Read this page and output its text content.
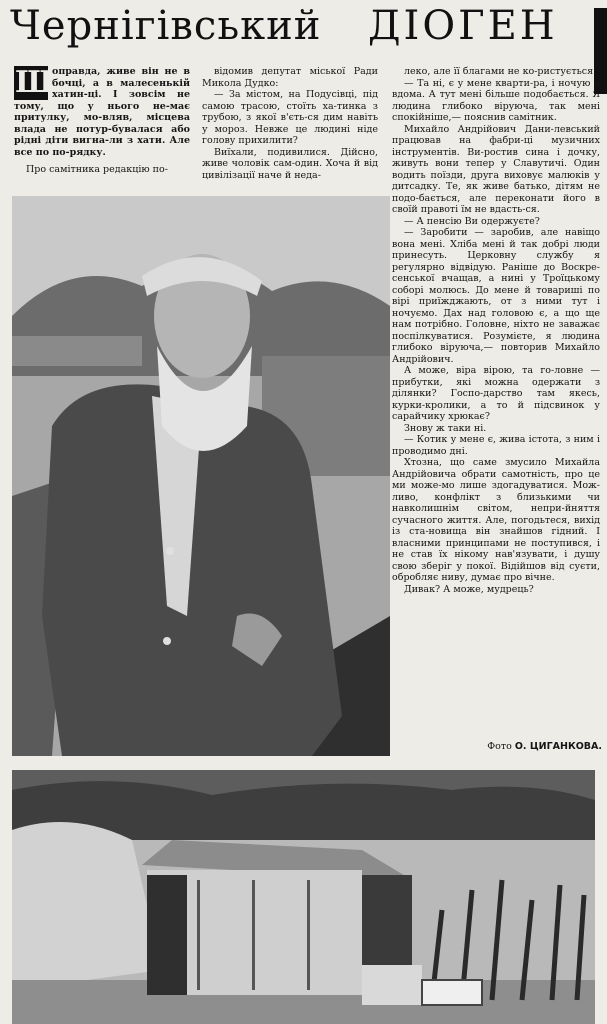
Чернігівський	ДІОГЕН
Щ

оправда, живе він не в бочці, а в малесенькій хатин-ці. І зовсім не тому, що у нього не-має притулку, мо-вляв, місцева влада не потур-бувалася або рідні діти вигна-ли з хати. Але все по по-рядку.

Про самітника редакцію по-

відомив депутат міської Ради Микола Дудко:

— За містом, на Подусівці, під самою трасою, стоїть ха-тинка з трубою, з якої в'єть-ся дим навіть у мороз. Невже це людині ніде голову прихилити?

Виїхали, подивилися. Дійсно, живе чоловік сам-один. Хоча й від цивілізації наче й неда-

леко, але її благами не ко-ристується.

— Та ні, є у мене кварти-ра, і ночую я вдома. А тут мені більше подобається. Я людина глибоко віруюча, так мені спокійніше,— пояснив самітник.

Михайло Андрійович Дани-левський працював на фабри-ці музичних інструментів. Ви-ростив сина і дочку, живуть вони тепер у Славутичі. Один водить поїзди, друга виховує малюків у дитсадку. Те, як живе батько, дітям не подо-бається, але переконати його в своїй правоті їм не вдасть-ся.

— А пенсію Ви одержуєте?

— Заробити — заробив, але навіщо вона мені. Хліба мені й так добрі люди принесуть. Церковну службу я регулярно відвідую. Раніше до Воскре-сенської вчащав, а нині у Троїцькому соборі молюсь. До мене й товариші по вірі приїжджають, от з ними тут і ночуємо. Дах над головою є, а що ще нам потрібно. Головне, ніхто не заважає поспілкуватися. Розумієте, я людина глибоко віруюча,— повторив Михайло Андрійович.

А може, віра вірою, та го-ловне — прибутки, які можна одержати з ділянки? Госпо-дарство там якесь, курки-кролики, а то й підсвинок у сарайчику хрюкає?

Знову ж таки ні.

— Котик у мене є, жива істота, з ним і проводимо дні.

Хтозна, що саме змусило Михайла Андрійовича обрати самотність, про це ми може-мо лише здогадуватися. Мож-ливо, конфлікт з близькими чи навколишнім світом, непри-йняття сучасного життя. Але, погодьтеся, вихід із ста-новища він знайшов гідний. І власними принципами не поступився, і не став їх нікому нав'язувати, і душу свою зберіг у покої. Відійшов від суєти, обробляє ниву, думає про вічне.

Дивак? А може, мудрець?

Фото О. ЦИГАНКОВА.
